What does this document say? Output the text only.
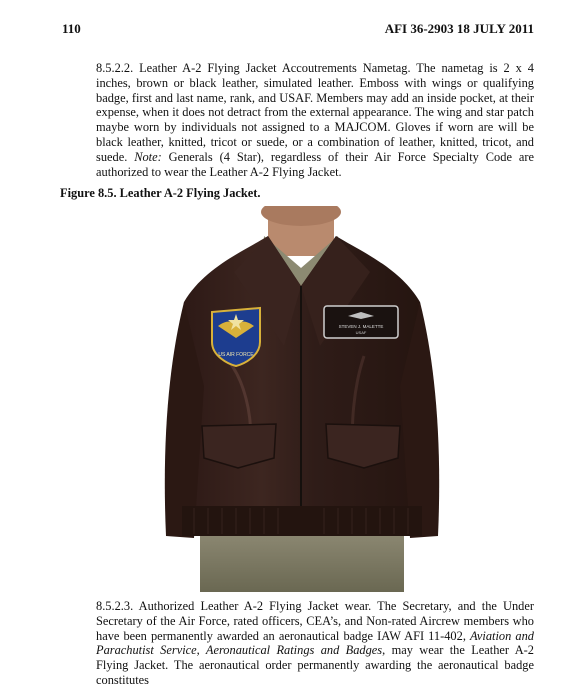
110	AFI 36-2903 18 JULY 2011

8.5.2.2. Leather A-2 Flying Jacket Accoutrements Nametag. The nametag is 2 x 4 inches, brown or black leather, simulated leather. Emboss with wings or qualifying badge, first and last name, rank, and USAF. Members may add an inside pocket, at their expense, when it does not detract from the external appearance. The wing and star patch maybe worn by individuals not assigned to a MAJCOM. Gloves if worn are will be black leather, knitted, tricot or suede, or a combination of leather, knitted, tricot, and suede. Note: Generals (4 Star), regardless of their Air Force Specialty Code are authorized to wear the Leather A-2 Flying Jacket.

Figure 8.5. Leather A-2 Flying Jacket.
US AIR FORCE
STEVEN J. MALETTE
USAF

8.5.2.3. Authorized Leather A-2 Flying Jacket wear. The Secretary, and the Under Secretary of the Air Force, rated officers, CEA’s, and Non-rated Aircrew members who have been permanently awarded an aeronautical badge IAW AFI 11-402, Aviation and Parachutist Service, Aeronautical Ratings and Badges, may wear the Leather A-2 Flying Jacket. The aeronautical order permanently awarding the aeronautical badge constitutes
